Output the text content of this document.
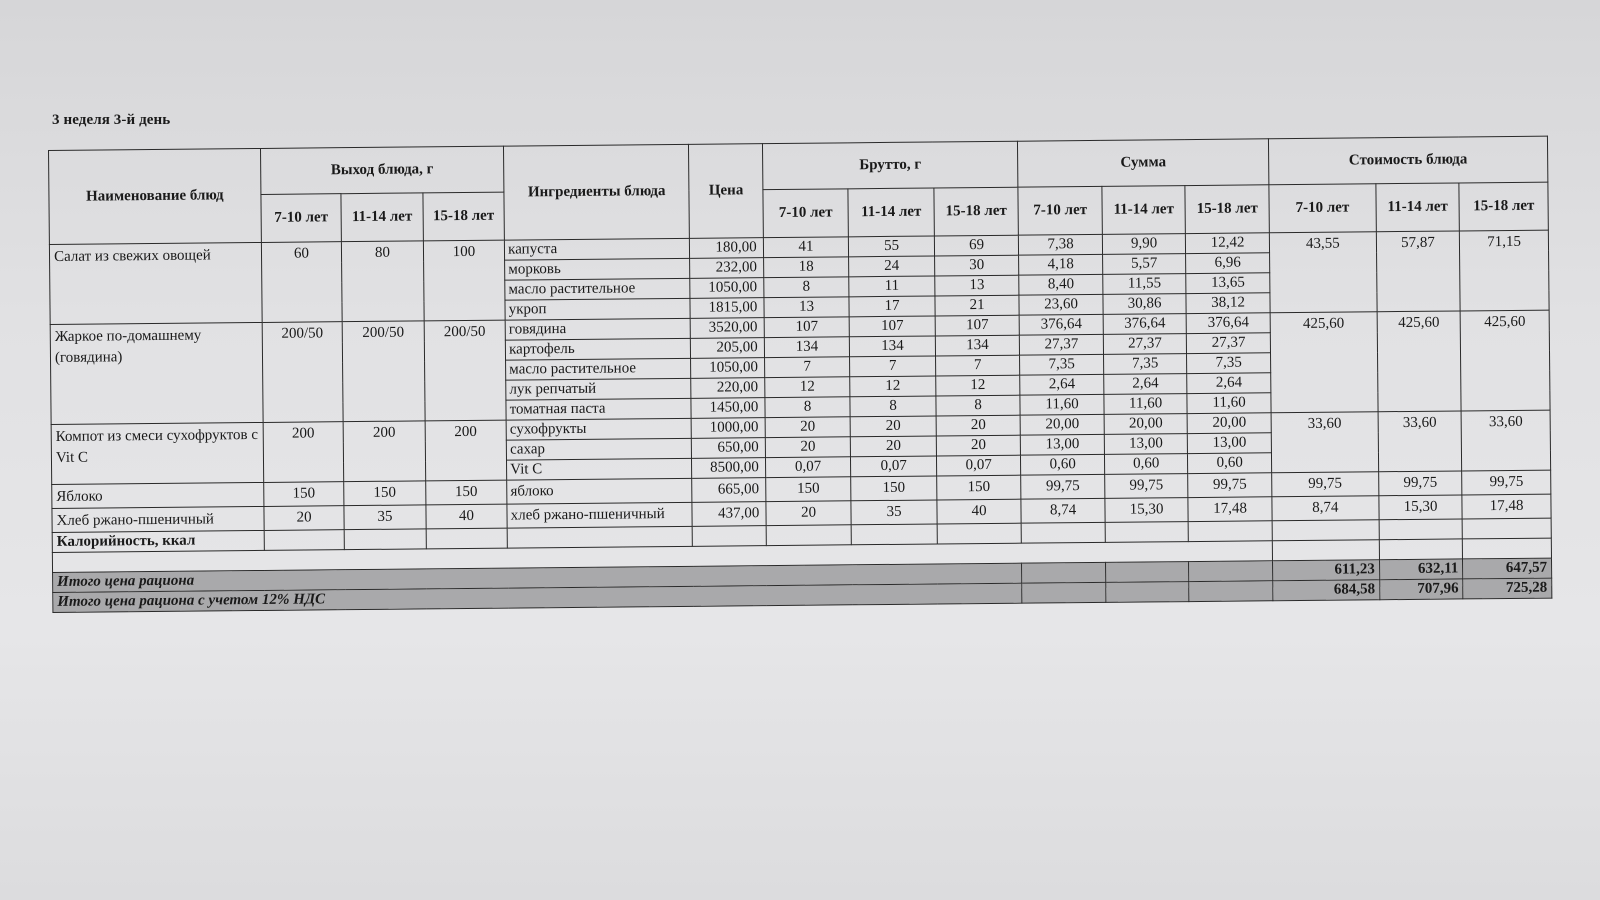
3 неделя 3-й день
Наименование блюд	Выход блюда, г			Ингредиенты блюда	Цена	Брутто, г			Сумма			Стоимость блюда		
	7-10 лет	11-14 лет	15-18 лет			7-10 лет	11-14 лет	15-18 лет	7-10 лет	11-14 лет	15-18 лет	7-10 лет	11-14 лет	15-18 лет
Салат из свежих овощей	60	80	100	капуста	180,00	41	55	69	7,38	9,90	12,42	43,55	57,87	71,15
				морковь	232,00	18	24	30	4,18	5,57	6,96			
				масло растительное	1050,00	8	11	13	8,40	11,55	13,65			
				укроп	1815,00	13	17	21	23,60	30,86	38,12			
Жаркое по-домашнему (говядина)	200/50	200/50	200/50	говядина	3520,00	107	107	107	376,64	376,64	376,64	425,60	425,60	425,60
				картофель	205,00	134	134	134	27,37	27,37	27,37			
				масло растительное	1050,00	7	7	7	7,35	7,35	7,35			
				лук репчатый	220,00	12	12	12	2,64	2,64	2,64			
				томатная паста	1450,00	8	8	8	11,60	11,60	11,60			
Компот из смеси сухофруктов с Vit C	200	200	200	сухофрукты	1000,00	20	20	20	20,00	20,00	20,00	33,60	33,60	33,60
				сахар	650,00	20	20	20	13,00	13,00	13,00			
				Vit C	8500,00	0,07	0,07	0,07	0,60	0,60	0,60			
Яблоко	150	150	150	яблоко	665,00	150	150	150	99,75	99,75	99,75	99,75	99,75	99,75
Хлеб ржано-пшеничный	20	35	40	хлеб ржано-пшеничный	437,00	20	35	40	8,74	15,30	17,48	8,74	15,30	17,48
Калорийность, ккал														

Итого цена рациона												611,23	632,11	647,57
Итого цена рациона с учетом 12% НДС												684,58	707,96	725,28
